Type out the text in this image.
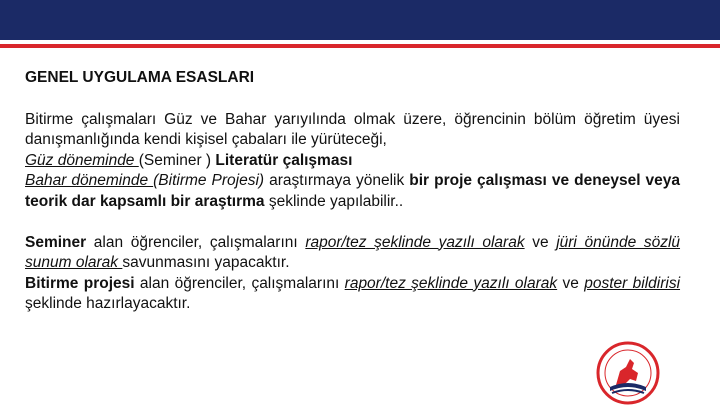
GENEL UYGULAMA ESASLARI

Bitirme çalışmaları Güz ve Bahar yarıyılında olmak üzere, öğrencinin bölüm öğretim üyesi danışmanlığında kendi kişisel çabaları ile yürüteceği,
Güz döneminde (Seminer ) Literatür çalışması
Bahar döneminde (Bitirme Projesi) araştırmaya yönelik bir proje çalışması ve deneysel veya teorik dar kapsamlı bir araştırma şeklinde yapılabilir..

Seminer alan öğrenciler, çalışmalarını rapor/tez şeklinde yazılı olarak ve jüri önünde sözlü sunum olarak savunmasını yapacaktır.
Bitirme projesi alan öğrenciler, çalışmalarını rapor/tez şeklinde yazılı olarak ve poster bildirisi şeklinde hazırlayacaktır.
